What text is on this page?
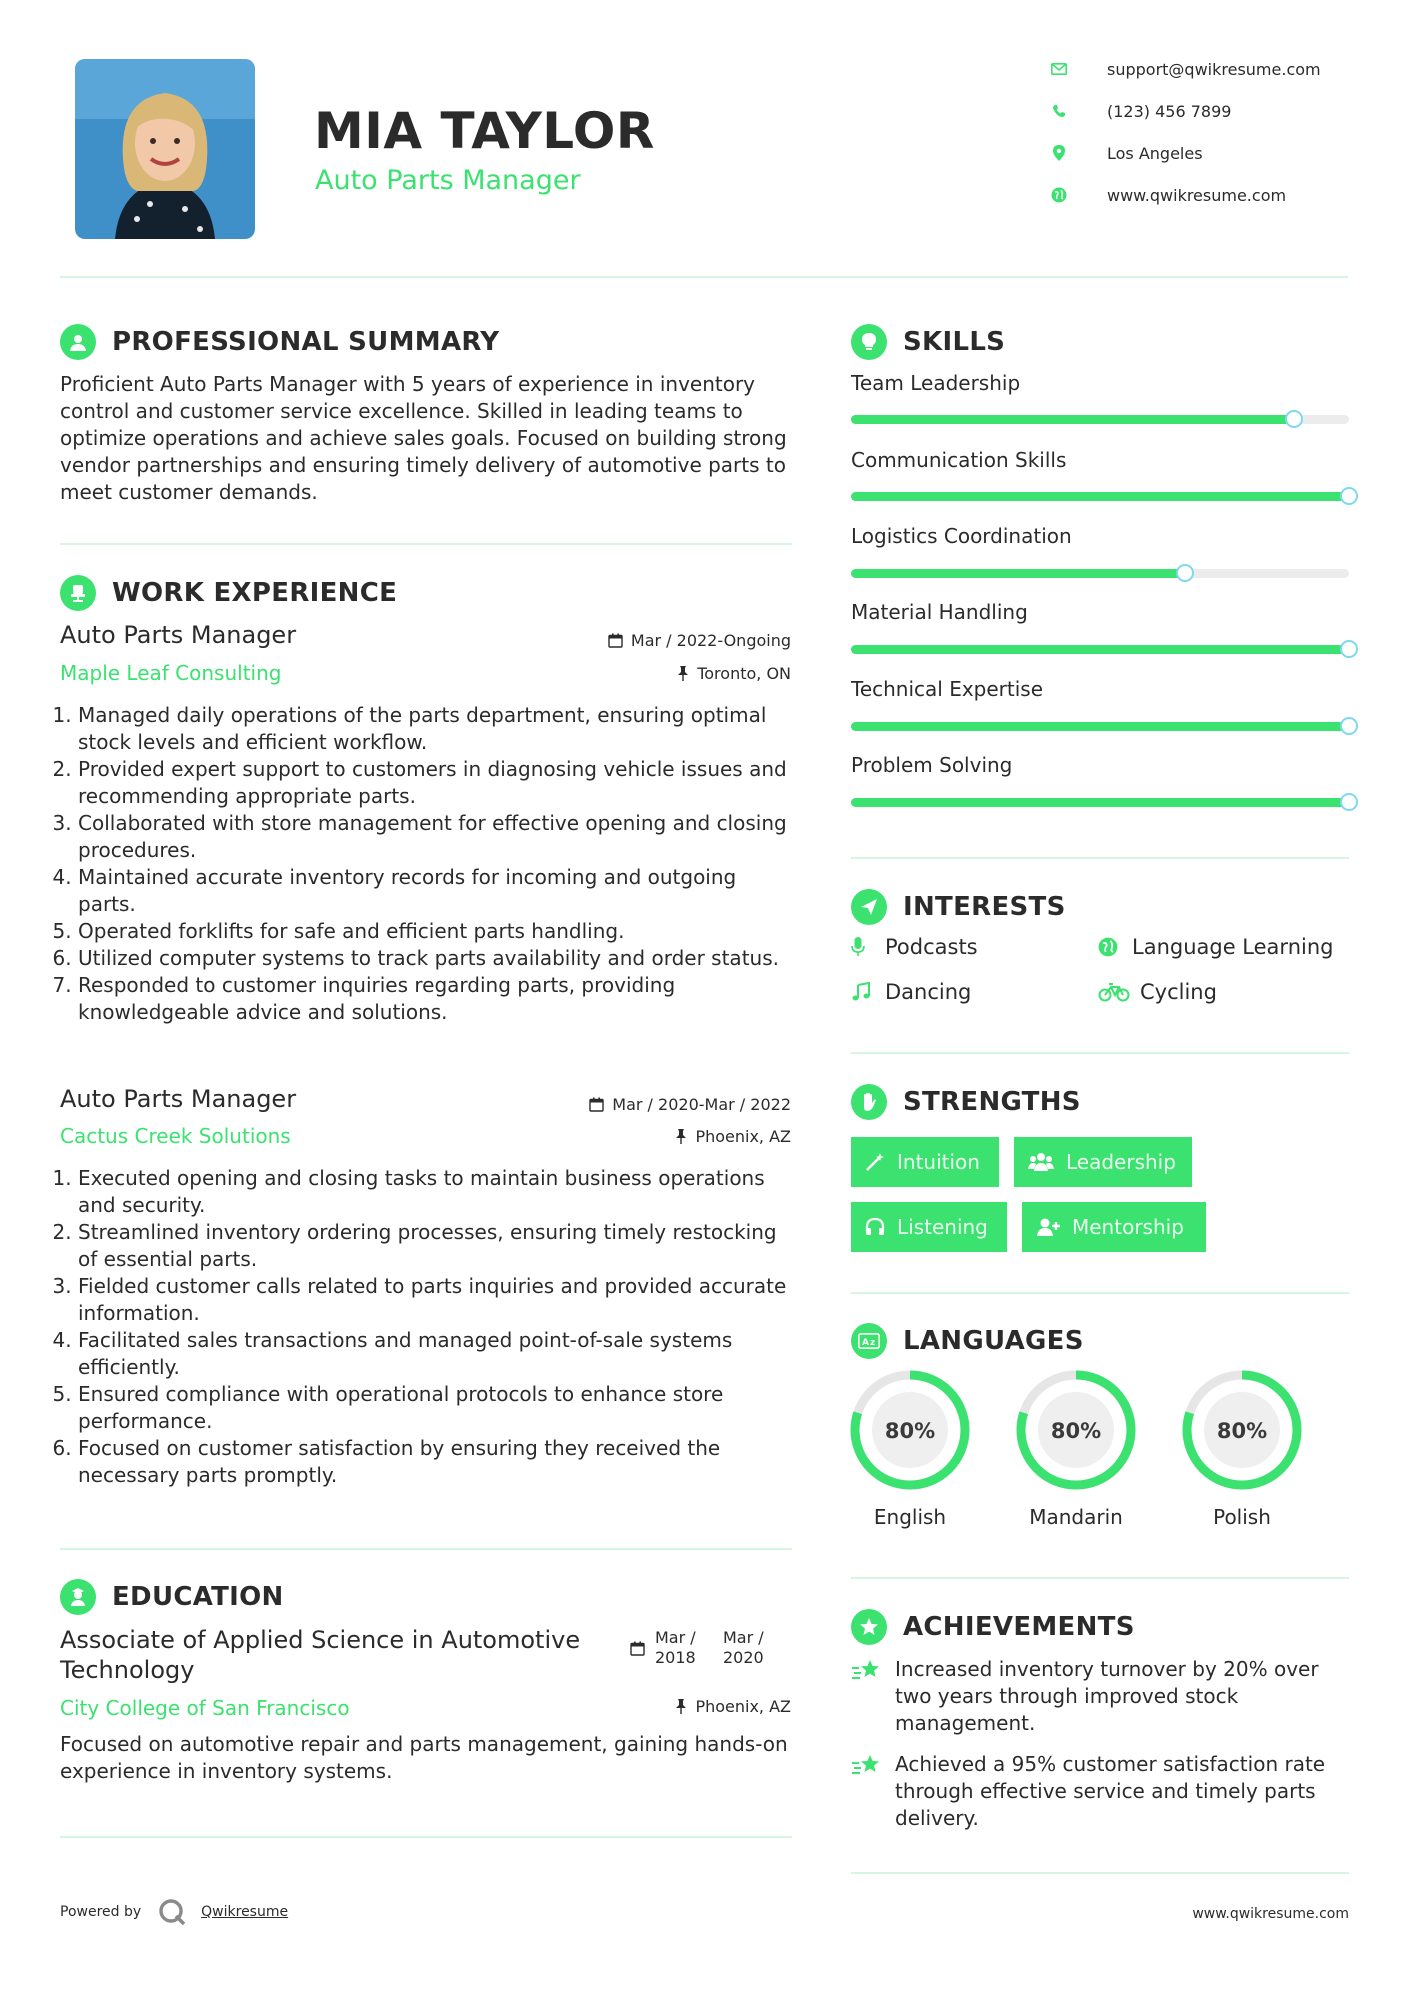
MIA TAYLOR
Auto Parts Manager
support@qwikresume.com
(123) 456 7899
Los Angeles
www.qwikresume.com
PROFESSIONAL SUMMARY
Proficient Auto Parts Manager with 5 years of experience in inventory control and customer service excellence. Skilled in leading teams to optimize operations and achieve sales goals. Focused on building strong vendor partnerships and ensuring timely delivery of automotive parts to meet customer demands.
WORK EXPERIENCE
Auto Parts Manager	Mar / 2022-Ongoing
Maple Leaf Consulting	Toronto, ON
1. Managed daily operations of the parts department, ensuring optimal stock levels and efficient workflow.
2. Provided expert support to customers in diagnosing vehicle issues and recommending appropriate parts.
3. Collaborated with store management for effective opening and closing procedures.
4. Maintained accurate inventory records for incoming and outgoing parts.
5. Operated forklifts for safe and efficient parts handling.
6. Utilized computer systems to track parts availability and order status.
7. Responded to customer inquiries regarding parts, providing knowledgeable advice and solutions.
Auto Parts Manager	Mar / 2020-Mar / 2022
Cactus Creek Solutions	Phoenix, AZ
1. Executed opening and closing tasks to maintain business operations and security.
2. Streamlined inventory ordering processes, ensuring timely restocking of essential parts.
3. Fielded customer calls related to parts inquiries and provided accurate information.
4. Facilitated sales transactions and managed point-of-sale systems efficiently.
5. Ensured compliance with operational protocols to enhance store performance.
6. Focused on customer satisfaction by ensuring they received the necessary parts promptly.
EDUCATION
Associate of Applied Science in Automotive Technology
Mar / 2018
Mar / 2020
City College of San Francisco	Phoenix, AZ
Focused on automotive repair and parts management, gaining hands-on experience in inventory systems.
SKILLS
Team Leadership
Communication Skills
Logistics Coordination
Material Handling
Technical Expertise
Problem Solving
INTERESTS
Podcasts	Language Learning
Dancing	Cycling
STRENGTHS
Intuition	Leadership
Listening	Mentorship
A z LANGUAGES
80%
English
80%
Mandarin
80%
Polish
ACHIEVEMENTS
Increased inventory turnover by 20% over two years through improved stock management.
Achieved a 95% customer satisfaction rate through effective service and timely parts delivery.
Powered by	Qwikresume	www.qwikresume.com
